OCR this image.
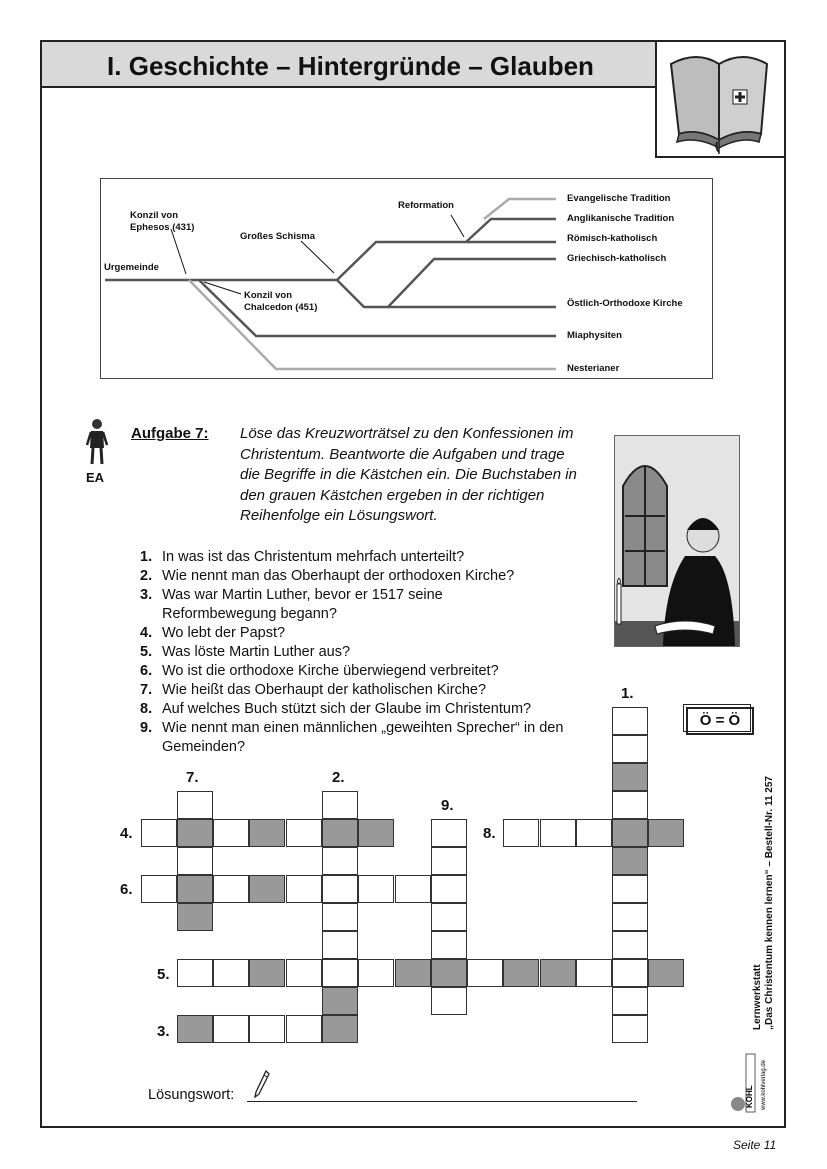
I. Geschichte – Hintergründe – Glauben
Urgemeinde
Konzil von
Ephesos (431)
Großes Schisma
Reformation
Konzil von
Chalcedon (451)
Evangelische Tradition
Anglikanische Tradition
Römisch-katholisch
Griechisch-katholisch
Östlich-Orthodoxe Kirche
Miaphysiten
Nesterianer
EA
Aufgabe 7: Löse das Kreuzworträtsel zu den Konfessionen im Christentum. Beantworte die Aufgaben und trage die Begriffe in die Kästchen ein. Die Buchstaben in den grauen Kästchen ergeben in der richtigen Reihenfolge ein Lösungswort.
1. In was ist das Christentum mehrfach unterteilt?
2. Wie nennt man das Oberhaupt der orthodoxen Kirche?
3. Was war Martin Luther, bevor er 1517 seine Reformbewegung begann?
4. Wo lebt der Papst?
5. Was löste Martin Luther aus?
6. Wo ist die orthodoxe Kirche überwiegend verbreitet?
7. Wie heißt das Oberhaupt der katholischen Kirche?
8. Auf welches Buch stützt sich der Glaube im Christentum?
9. Wie nennt man einen männlichen „geweihten Sprecher“ in den Gemeinden?
1.
2.
3.
4.
5.
6.
7.
8.
9.
Ö = Ö
Lernwerkstatt „Das Christentum kennen lernen“ – Bestell-Nr. 11 257
KOHL www.kohlverlag.de
Lösungswort:
Seite 11
